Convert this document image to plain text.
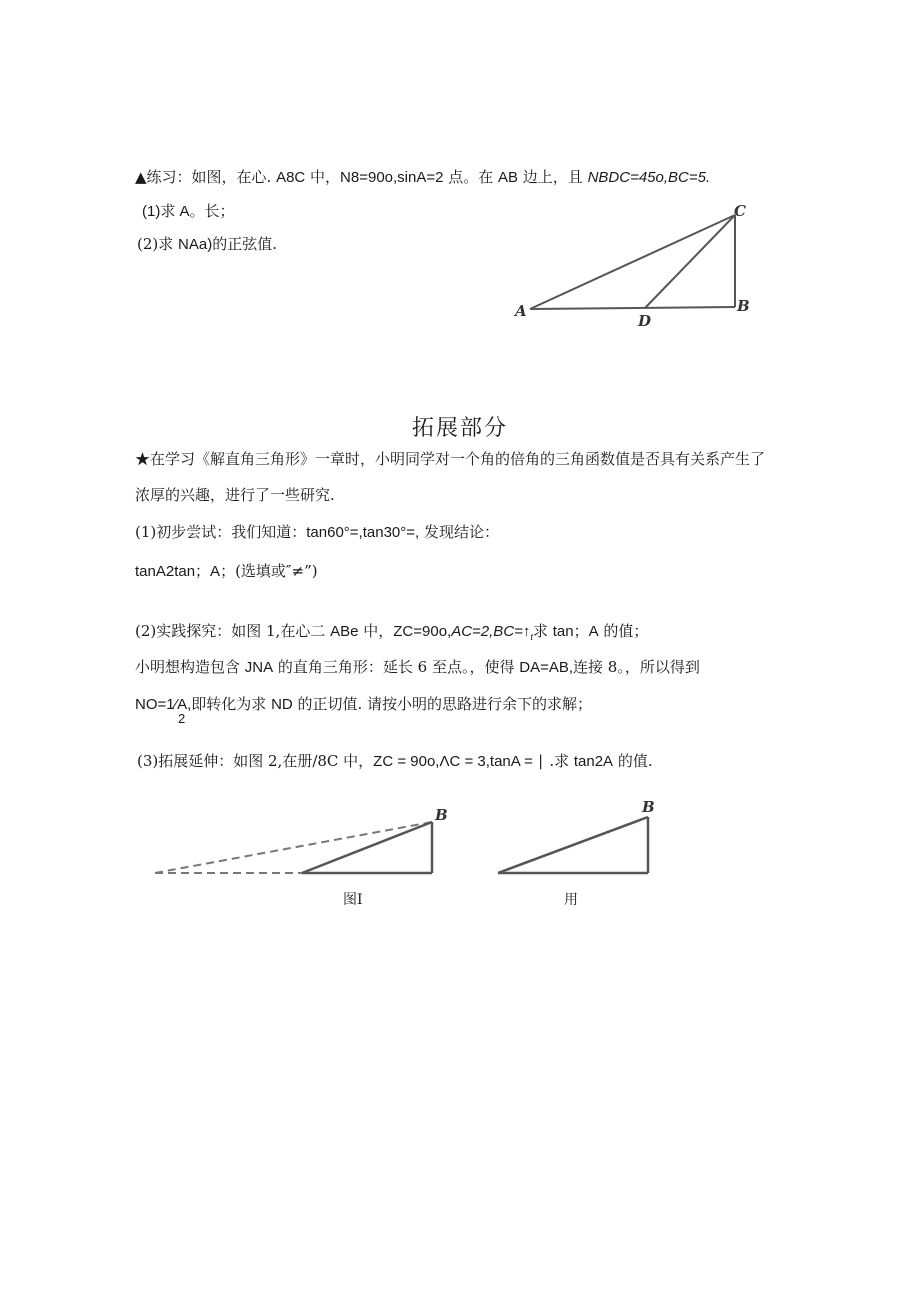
▲练习：如图，在心. A8C 中，N8=90o,sinA=2 点。在 AB 边上，且 NBDC=45o,BC=5.
(1)求 A。长；
(2)求 NAa)的正弦值.
A	B
C
D
拓展部分
★在学习《解直角三角形》一章时，小明同学对一个角的倍角的三角函数值是否具有关系产生了
浓厚的兴趣，进行了一些研究.
(1)初步尝试：我们知道：tan60°=,tan30°=, 发现结论：
tanA2tan；A；(选填或″≠”)
(2)实践探究：如图 1,在心二 ABe 中，$ZC=90o,AC=2,BC=↑_t$求 tan；A 的值；
小明想构造包含 JNA 的直角三角形：延长 6 至点。，使得 DA=AB,连接 8。，所以得到
NO=1⁄A,即转化为求 ND 的正切值. 请按小明的思路进行余下的求解；
2
(3)拓展延伸：如图 2,在册/8C 中，ZC = 90o,ΛC = 3,tanA = ∣ .求 tan2A 的值.
B
图Ⅰ
B
用
